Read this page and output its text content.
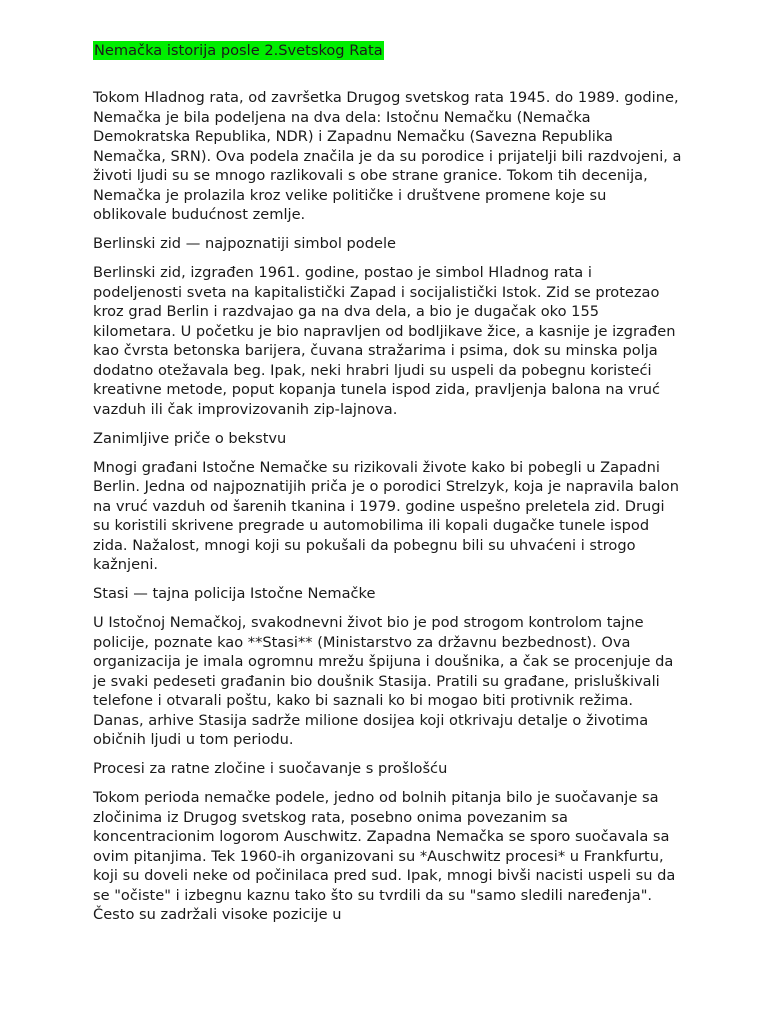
Nemačka istorija posle 2.Svetskog Rata

Tokom Hladnog rata, od završetka Drugog svetskog rata 1945. do 1989. godine, Nemačka je bila podeljena na dva dela: Istočnu Nemačku (Nemačka Demokratska Republika, NDR) i Zapadnu Nemačku (Savezna Republika Nemačka, SRN). Ova podela značila je da su porodice i prijatelji bili razdvojeni, a životi ljudi su se mnogo razlikovali s obe strane granice. Tokom tih decenija, Nemačka je prolazila kroz velike političke i društvene promene koje su oblikovale budućnost zemlje.

Berlinski zid — najpoznatiji simbol podele

Berlinski zid, izgrađen 1961. godine, postao je simbol Hladnog rata i podeljenosti sveta na kapitalistički Zapad i socijalistički Istok. Zid se protezao kroz grad Berlin i razdvajao ga na dva dela, a bio je dugačak oko 155 kilometara. U početku je bio napravljen od bodljikave žice, a kasnije je izgrađen kao čvrsta betonska barijera, čuvana stražarima i psima, dok su minska polja dodatno otežavala beg. Ipak, neki hrabri ljudi su uspeli da pobegnu koristeći kreativne metode, poput kopanja tunela ispod zida, pravljenja balona na vruć vazduh ili čak improvizovanih zip-lajnova.

Zanimljive priče o bekstvu

Mnogi građani Istočne Nemačke su rizikovali živote kako bi pobegli u Zapadni Berlin. Jedna od najpoznatijih priča je o porodici Strelzyk, koja je napravila balon na vruć vazduh od šarenih tkanina i 1979. godine uspešno preletela zid. Drugi su koristili skrivene pregrade u automobilima ili kopali dugačke tunele ispod zida. Nažalost, mnogi koji su pokušali da pobegnu bili su uhvaćeni i strogo kažnjeni.

Stasi — tajna policija Istočne Nemačke

U Istočnoj Nemačkoj, svakodnevni život bio je pod strogom kontrolom tajne policije, poznate kao **Stasi** (Ministarstvo za državnu bezbednost). Ova organizacija je imala ogromnu mrežu špijuna i doušnika, a čak se procenjuje da je svaki pedeseti građanin bio doušnik Stasija. Pratili su građane, prisluškivali telefone i otvarali poštu, kako bi saznali ko bi mogao biti protivnik režima. Danas, arhive Stasija sadrže milione dosijea koji otkrivaju detalje o životima običnih ljudi u tom periodu.

Procesi za ratne zločine i suočavanje s prošlošću

Tokom perioda nemačke podele, jedno od bolnih pitanja bilo je suočavanje sa zločinima iz Drugog svetskog rata, posebno onima povezanim sa koncentracionim logorom Auschwitz. Zapadna Nemačka se sporo suočavala sa ovim pitanjima. Tek 1960-ih organizovani su *Auschwitz procesi* u Frankfurtu, koji su doveli neke od počinilaca pred sud. Ipak, mnogi bivši nacisti uspeli su da se "očiste" i izbegnu kaznu tako što su tvrdili da su "samo sledili naređenja". Često su zadržali visoke pozicije u
